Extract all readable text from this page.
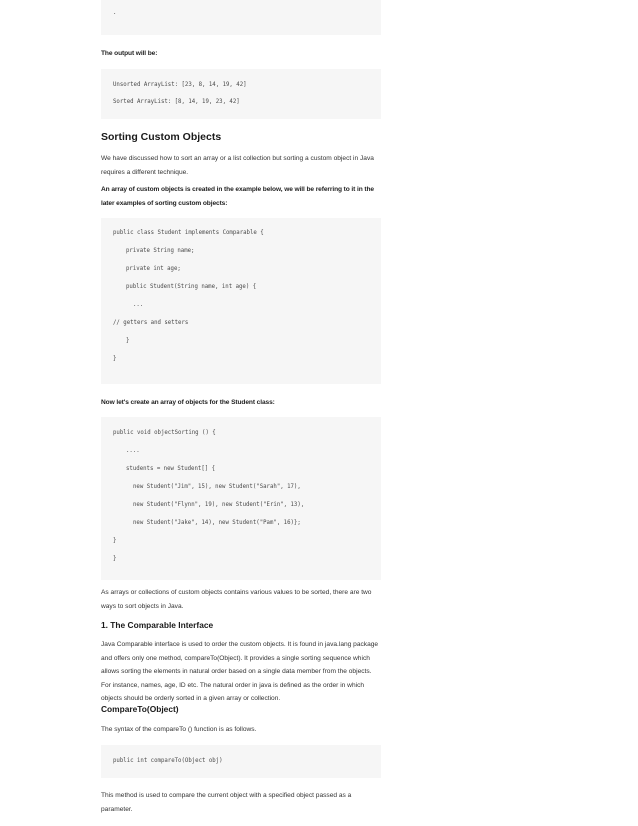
.

The output will be:

Unsorted ArrayList: [23, 8, 14, 19, 42]
Sorted ArrayList: [8, 14, 19, 23, 42]
Sorting Custom Objects

We have discussed how to sort an array or a list collection but sorting a custom object in Java requires a different technique.

An array of custom objects is created in the example below, we will be referring to it in the later examples of sorting custom objects:

public class Student implements Comparable {
private String name;
private int age;
public Student(String name, int age) {
...
// getters and setters
}
}

Now let's create an array of objects for the Student class:

public void objectSorting () {
....
students = new Student[] {
new Student("Jim", 15), new Student("Sarah", 17),
new Student("Flynn", 19), new Student("Erin", 13),
new Student("Jake", 14), new Student("Pam", 16)};
}
}

As arrays or collections of custom objects contains various values to be sorted, there are two ways to sort objects in Java.

1. The Comparable Interface

Java Comparable interface is used to order the custom objects. It is found in java.lang package and offers only one method, compareTo(Object). It provides a single sorting sequence which allows sorting the elements in natural order based on a single data member from the objects. For instance, names, age, ID etc. The natural order in java is defined as the order in which objects should be orderly sorted in a given array or collection.

CompareTo(Object)

The syntax of the compareTo () function is as follows.

public int compareTo(Object obj)

This method is used to compare the current object with a specified object passed as a parameter.
